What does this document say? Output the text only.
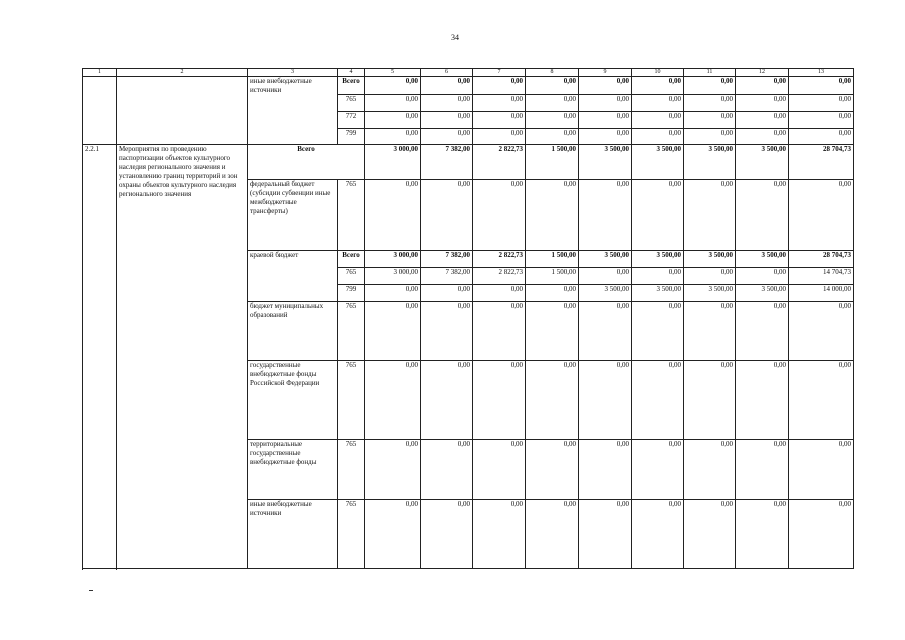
34
1	2	3	4	5	6	7	8	9	10	11	12	13
		иные внебюджетные источники	Всего	0,00	0,00	0,00	0,00	0,00	0,00	0,00	0,00	0,00
			765	0,00	0,00	0,00	0,00	0,00	0,00	0,00	0,00	0,00
			772	0,00	0,00	0,00	0,00	0,00	0,00	0,00	0,00	0,00
			799	0,00	0,00	0,00	0,00	0,00	0,00	0,00	0,00	0,00
2.2.1	Мероприятия по проведению паспортизации объектов культурного наследия регионального значения и установлению границ территорий и зон охраны объектов культурного наследия регионального значения	Всего		3 000,00	7 382,00	2 822,73	1 500,00	3 500,00	3 500,00	3 500,00	3 500,00	28 704,73
		федеральный бюджет (субсидии субвенции иные межбюджетные трансферты)	765	0,00	0,00	0,00	0,00	0,00	0,00	0,00	0,00	0,00
		краевой бюджет	Всего	3 000,00	7 382,00	2 822,73	1 500,00	3 500,00	3 500,00	3 500,00	3 500,00	28 704,73
			765	3 000,00	7 382,00	2 822,73	1 500,00	0,00	0,00	0,00	0,00	14 704,73
			799	0,00	0,00	0,00	0,00	3 500,00	3 500,00	3 500,00	3 500,00	14 000,00
		бюджет муниципальных образований	765	0,00	0,00	0,00	0,00	0,00	0,00	0,00	0,00	0,00
		государственные внебюджетные фонды Российской Федерации	765	0,00	0,00	0,00	0,00	0,00	0,00	0,00	0,00	0,00
		территориальные государственные внебюджетные фонды	765	0,00	0,00	0,00	0,00	0,00	0,00	0,00	0,00	0,00
		иные внебюджетные источники	765	0,00	0,00	0,00	0,00	0,00	0,00	0,00	0,00	0,00
